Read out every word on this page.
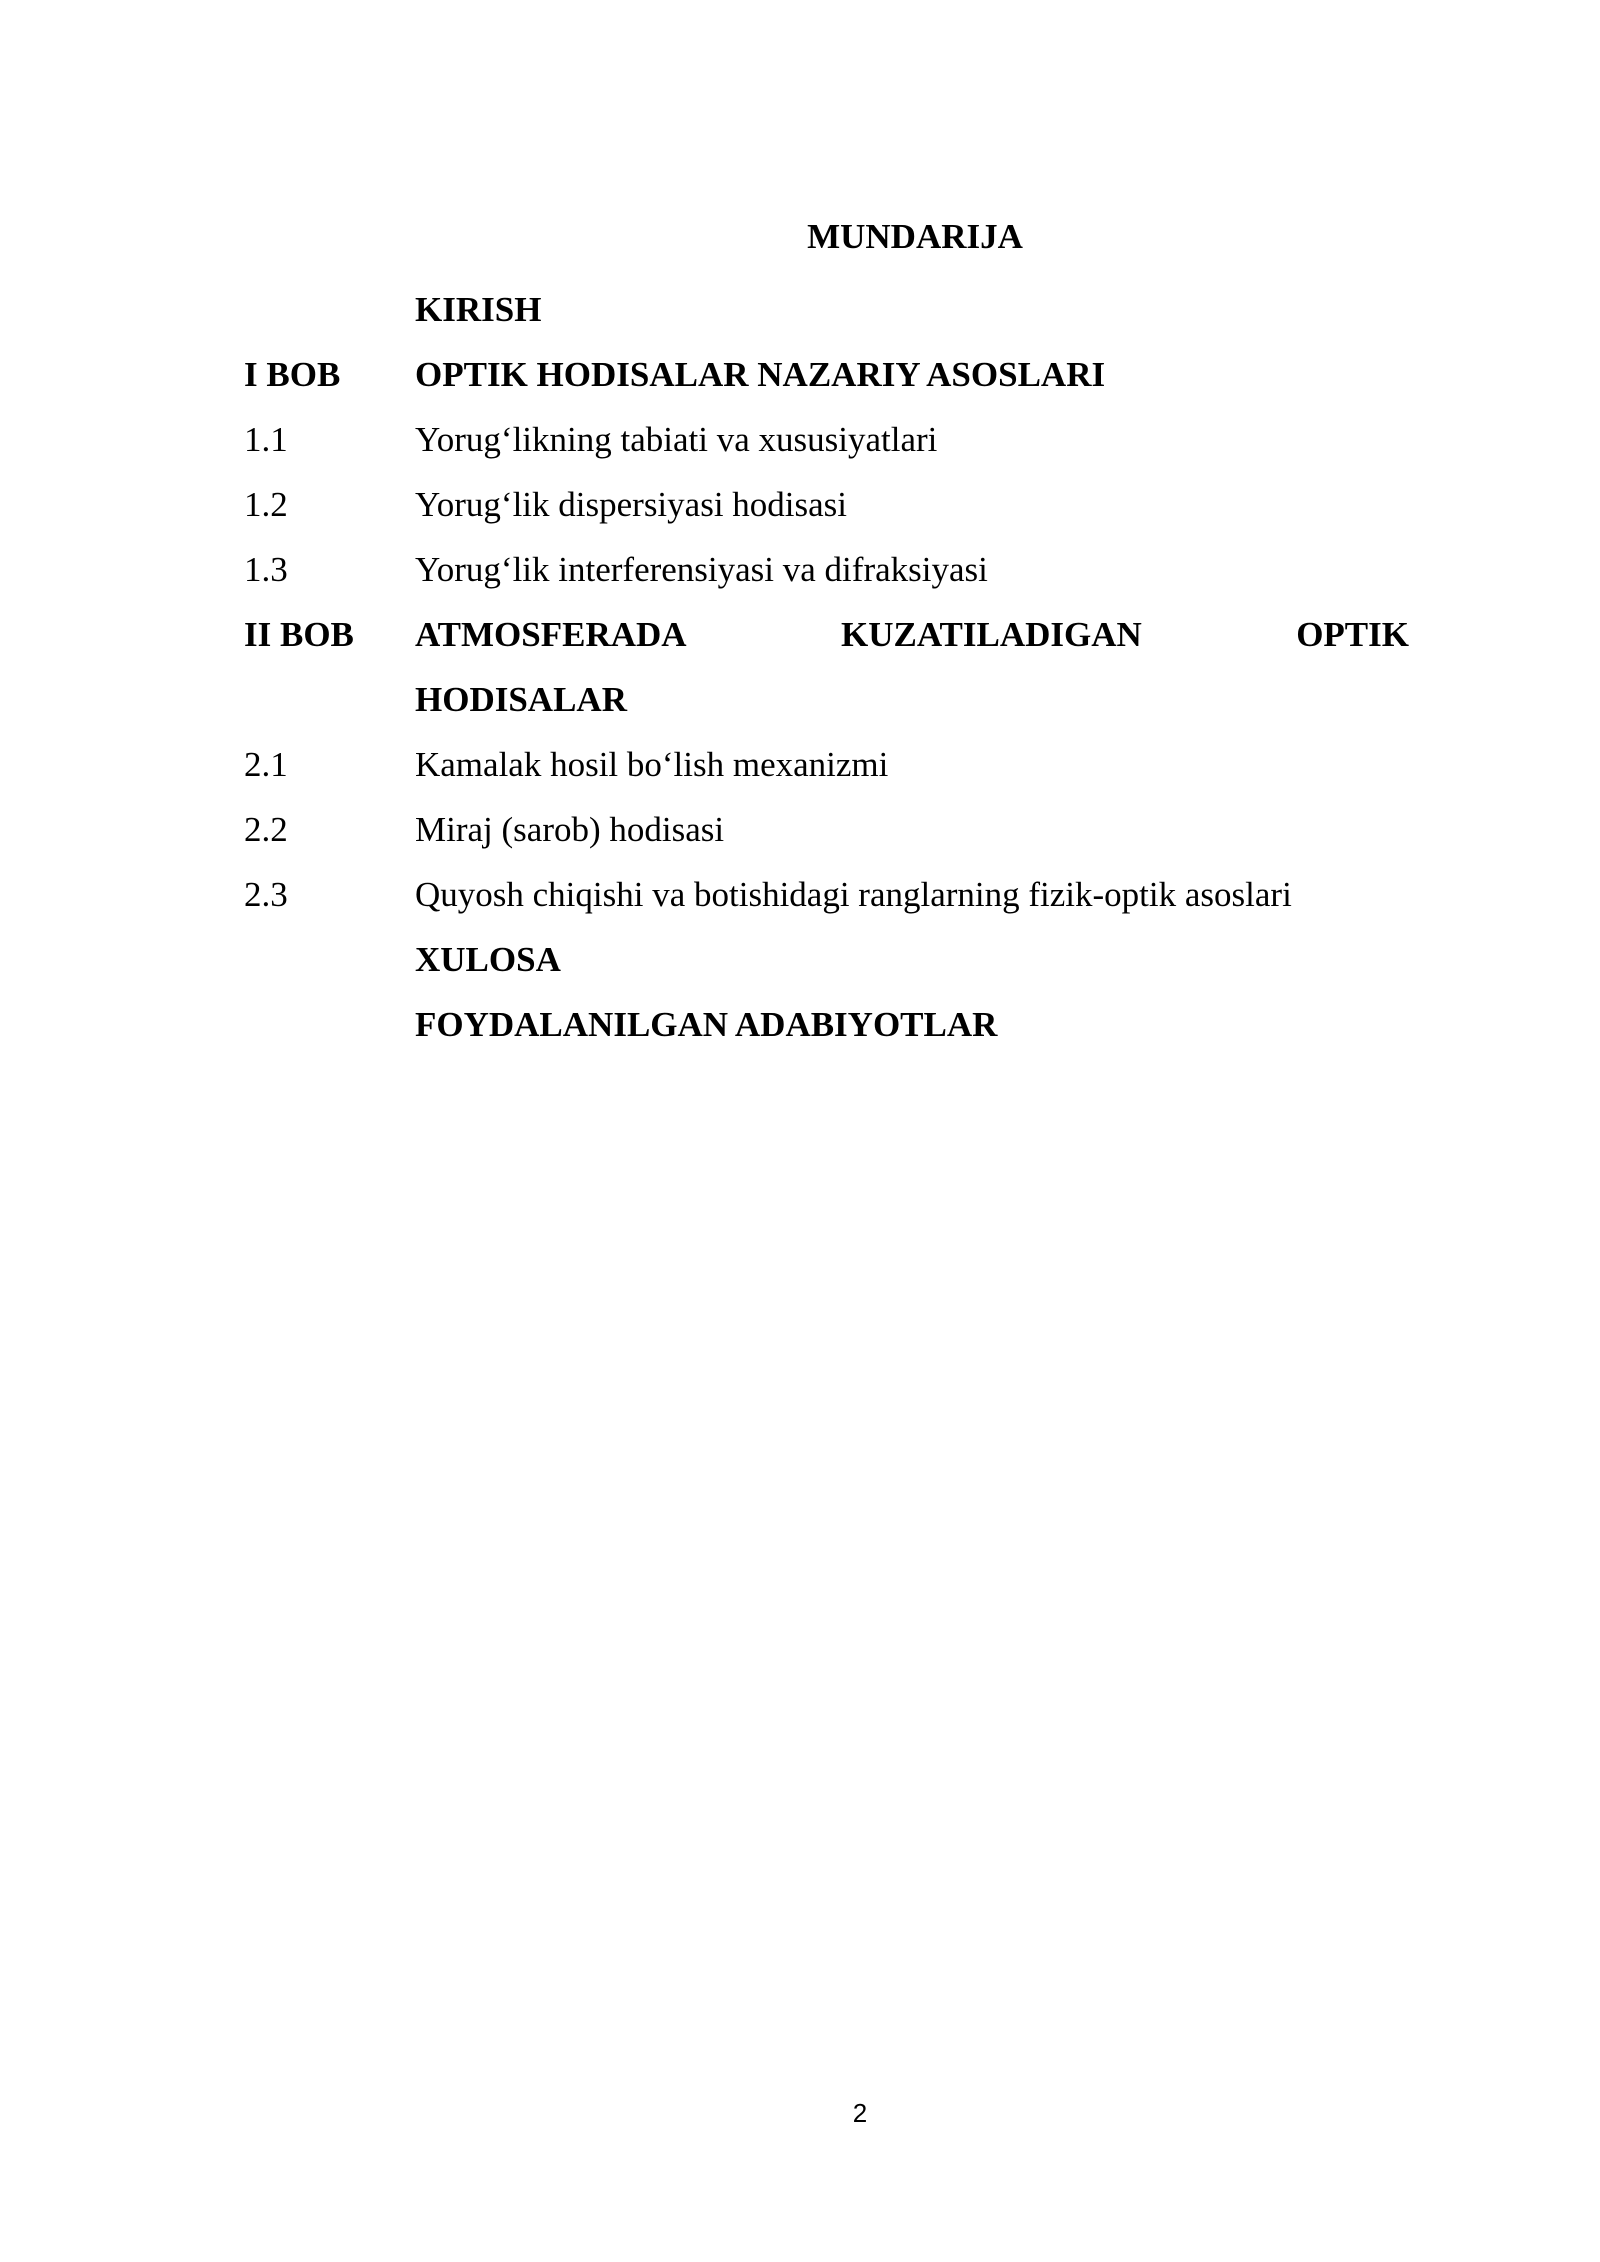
MUNDARIJA
KIRISH
I BOB	OPTIK HODISALAR NAZARIY ASOSLARI
1.1	Yorug‘likning tabiati va xususiyatlari
1.2	Yorug‘lik dispersiyasi hodisasi
1.3	Yorug‘lik interferensiyasi va difraksiyasi
II BOB	ATMOSFERADA	KUZATILADIGAN	OPTIK
HODISALAR
2.1	Kamalak hosil bo‘lish mexanizmi
2.2	Miraj (sarob) hodisasi
2.3	Quyosh chiqishi va botishidagi ranglarning fizik-optik asoslari
XULOSA
FOYDALANILGAN ADABIYOTLAR
2
